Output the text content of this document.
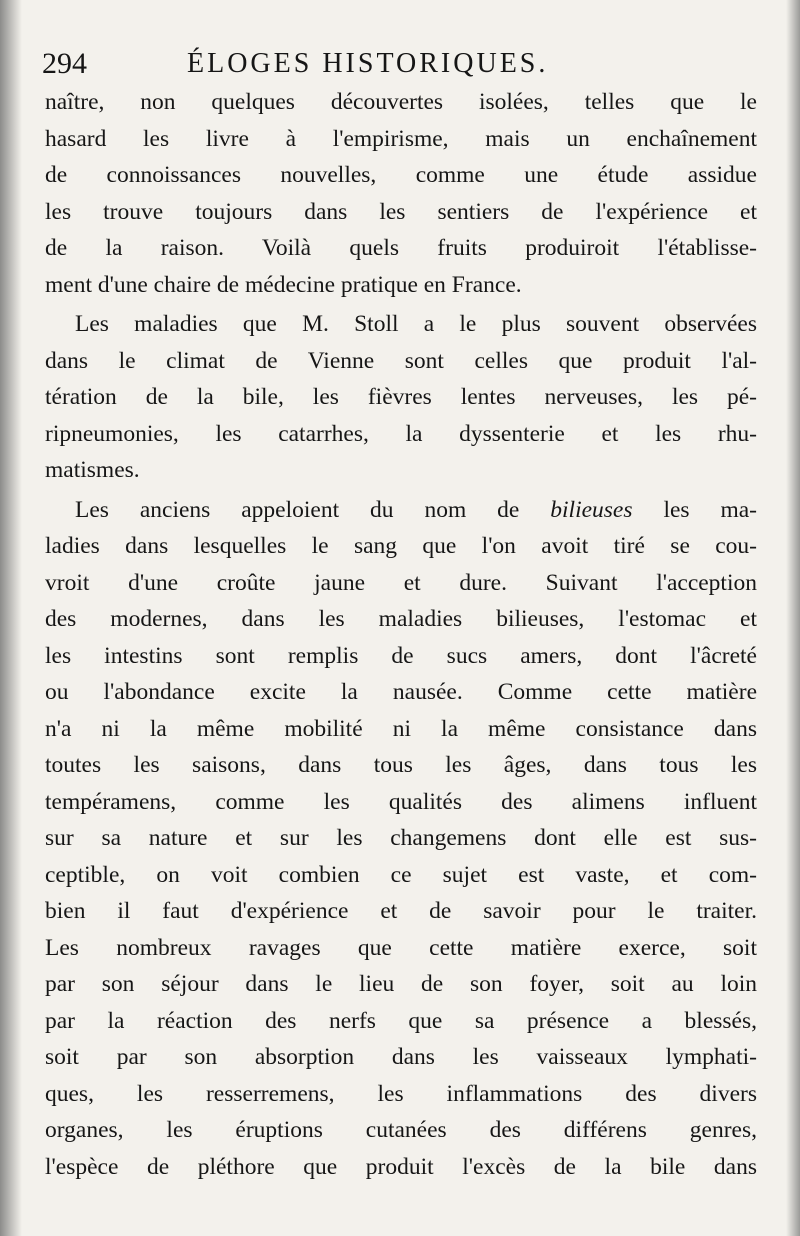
294	ÉLOGES HISTORIQUES.
naître, non quelques découvertes isolées, telles que le
hasard les livre à l'empirisme, mais un enchaînement
de connoissances nouvelles, comme une étude assidue
les trouve toujours dans les sentiers de l'expérience et
de la raison. Voilà quels fruits produiroit l'établisse-
ment d'une chaire de médecine pratique en France.
Les maladies que M. Stoll a le plus souvent observées
dans le climat de Vienne sont celles que produit l'al-
tération de la bile, les fièvres lentes nerveuses, les pé-
ripneumonies, les catarrhes, la dyssenterie et les rhu-
matismes.
Les anciens appeloient du nom de bilieuses les ma-
ladies dans lesquelles le sang que l'on avoit tiré se cou-
vroit d'une croûte jaune et dure. Suivant l'acception
des modernes, dans les maladies bilieuses, l'estomac et
les intestins sont remplis de sucs amers, dont l'âcreté
ou l'abondance excite la nausée. Comme cette matière
n'a ni la même mobilité ni la même consistance dans
toutes les saisons, dans tous les âges, dans tous les
tempéramens, comme les qualités des alimens influent
sur sa nature et sur les changemens dont elle est sus-
ceptible, on voit combien ce sujet est vaste, et com-
bien il faut d'expérience et de savoir pour le traiter.
Les nombreux ravages que cette matière exerce, soit
par son séjour dans le lieu de son foyer, soit au loin
par la réaction des nerfs que sa présence a blessés,
soit par son absorption dans les vaisseaux lymphati-
ques, les resserremens, les inflammations des divers
organes, les éruptions cutanées des différens genres,
l'espèce de pléthore que produit l'excès de la bile dans
